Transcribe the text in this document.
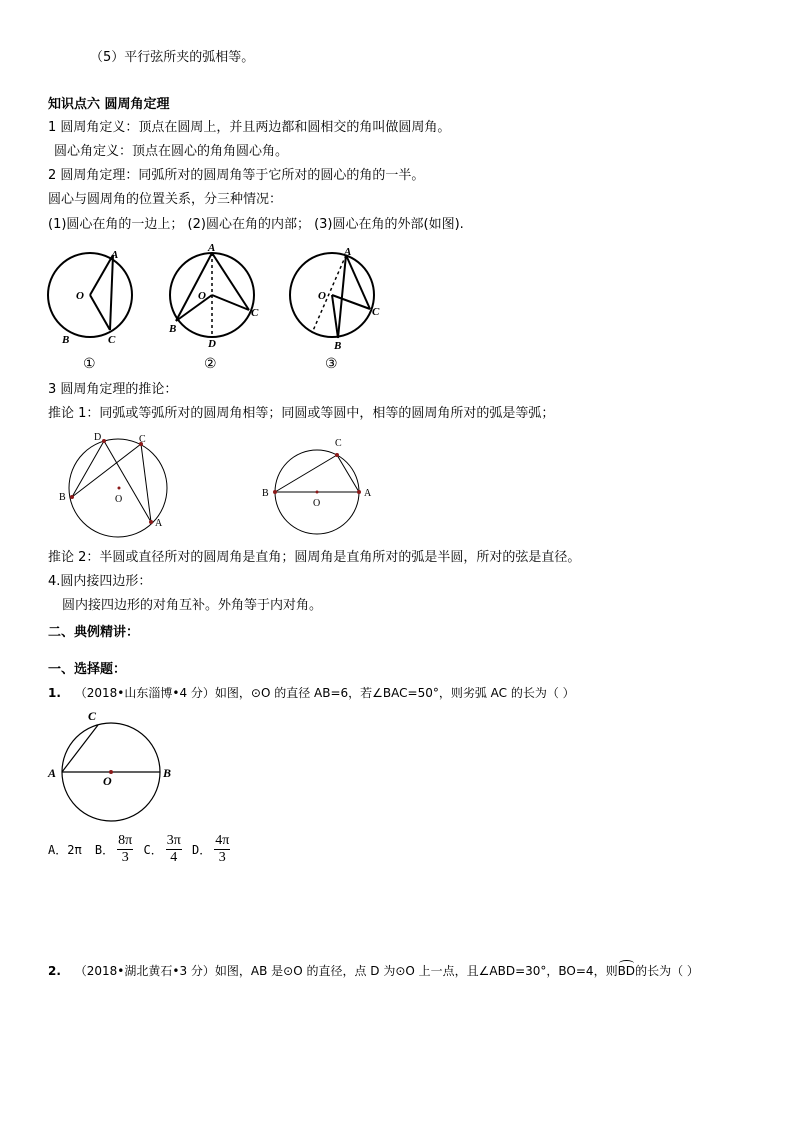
（5）平行弦所夹的弧相等。
知识点六 圆周角定理
1 圆周角定义：顶点在圆周上，并且两边都和圆相交的角叫做圆周角。
圆心角定义：顶点在圆心的角角圆心角。
2 圆周角定理：同弧所对的圆周角等于它所对的圆心的角的一半。
圆心与圆周角的位置关系，分三种情况：
(1)圆心在角的一边上； (2)圆心在角的内部； (3)圆心在角的外部(如图).
A
O
B	C
①
A
O
B
C
D
②
A
O
B
C
③
3 圆周角定理的推论：
推论 1：同弧或等弧所对的圆周角相等；同圆或等圆中，相等的圆周角所对的弧是等弧；
D	C
B
A
O
C
B	A
O
推论 2：半圆或直径所对的圆周角是直角；圆周角是直角所对的弧是半圆，所对的弦是直径。
4.圆内接四边形：
圆内接四边形的对角互补。外角等于内对角。
二、典例精讲：
一、选择题：
1. （2018•山东淄博•4 分）如图，⊙O 的直径 AB=6，若∠BAC=50°，则劣弧 AC 的长为（ ）
C
A	B
O
A．2π B． $\frac{8\pi}{3}$ C． $\frac{3\pi}{4}$ D． $\frac{4\pi}{3}$
2. （2018•湖北黄石•3 分）如图，AB 是⊙O 的直径，点 D 为⊙O 上一点，且∠ABD=30°，BO=4，则BD的长为（ ）
